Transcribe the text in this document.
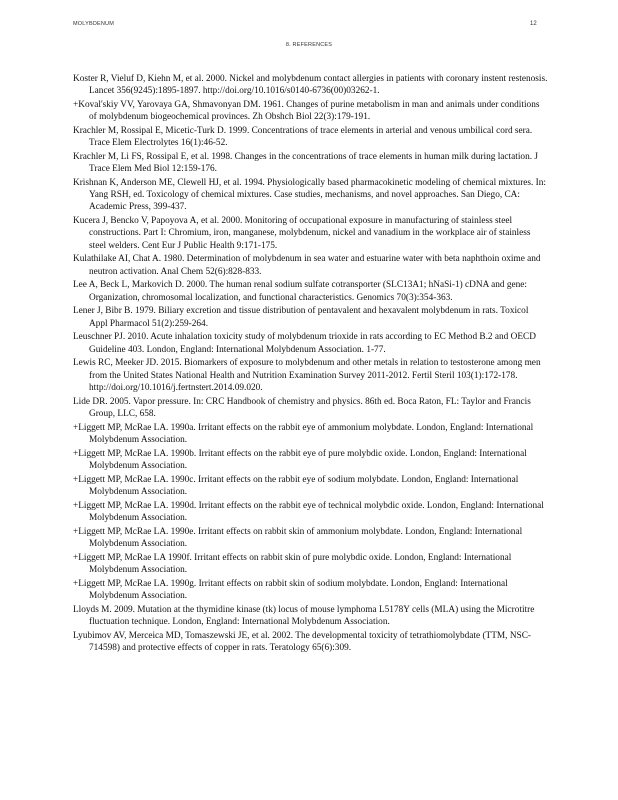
MOLYBDENUM	12
8. REFERENCES

Koster R, Vieluf D, Kiehn M, et al. 2000. Nickel and molybdenum contact allergies in patients with coronary instent restenosis. Lancet 356(9245):1895-1897. http://doi.org/10.1016/s0140-6736(00)03262-1.

+Koval'skiy VV, Yarovaya GA, Shmavonyan DM. 1961. Changes of purine metabolism in man and animals under conditions of molybdenum biogeochemical provinces. Zh Obshch Biol 22(3):179-191.

Krachler M, Rossipal E, Micetic-Turk D. 1999. Concentrations of trace elements in arterial and venous umbilical cord sera. Trace Elem Electrolytes 16(1):46-52.

Krachler M, Li FS, Rossipal E, et al. 1998. Changes in the concentrations of trace elements in human milk during lactation. J Trace Elem Med Biol 12:159-176.

Krishnan K, Anderson ME, Clewell HJ, et al. 1994. Physiologically based pharmacokinetic modeling of chemical mixtures. In: Yang RSH, ed. Toxicology of chemical mixtures. Case studies, mechanisms, and novel approaches. San Diego, CA: Academic Press, 399-437.

Kucera J, Bencko V, Papoyova A, et al. 2000. Monitoring of occupational exposure in manufacturing of stainless steel constructions. Part I: Chromium, iron, manganese, molybdenum, nickel and vanadium in the workplace air of stainless steel welders. Cent Eur J Public Health 9:171-175.

Kulathilake AI, Chat A. 1980. Determination of molybdenum in sea water and estuarine water with beta naphthoin oxime and neutron activation. Anal Chem 52(6):828-833.

Lee A, Beck L, Markovich D. 2000. The human renal sodium sulfate cotransporter (SLC13A1; hNaSi-1) cDNA and gene: Organization, chromosomal localization, and functional characteristics. Genomics 70(3):354-363.

Lener J, Bibr B. 1979. Biliary excretion and tissue distribution of pentavalent and hexavalent molybdenum in rats. Toxicol Appl Pharmacol 51(2):259-264.

Leuschner PJ. 2010. Acute inhalation toxicity study of molybdenum trioxide in rats according to EC Method B.2 and OECD Guideline 403. London, England: International Molybdenum Association. 1-77.

Lewis RC, Meeker JD. 2015. Biomarkers of exposure to molybdenum and other metals in relation to testosterone among men from the United States National Health and Nutrition Examination Survey 2011-2012. Fertil Steril 103(1):172-178. http://doi.org/10.1016/j.fertnstert.2014.09.020.

Lide DR. 2005. Vapor pressure. In: CRC Handbook of chemistry and physics. 86th ed. Boca Raton, FL: Taylor and Francis Group, LLC, 658.

+Liggett MP, McRae LA. 1990a. Irritant effects on the rabbit eye of ammonium molybdate. London, England: International Molybdenum Association.

+Liggett MP, McRae LA. 1990b. Irritant effects on the rabbit eye of pure molybdic oxide. London, England: International Molybdenum Association.

+Liggett MP, McRae LA. 1990c. Irritant effects on the rabbit eye of sodium molybdate. London, England: International Molybdenum Association.

+Liggett MP, McRae LA. 1990d. Irritant effects on the rabbit eye of technical molybdic oxide. London, England: International Molybdenum Association.

+Liggett MP, McRae LA. 1990e. Irritant effects on rabbit skin of ammonium molybdate. London, England: International Molybdenum Association.

+Liggett MP, McRae LA 1990f. Irritant effects on rabbit skin of pure molybdic oxide. London, England: International Molybdenum Association.

+Liggett MP, McRae LA. 1990g. Irritant effects on rabbit skin of sodium molybdate. London, England: International Molybdenum Association.

Lloyds M. 2009. Mutation at the thymidine kinase (tk) locus of mouse lymphoma L5178Y cells (MLA) using the Microtitre fluctuation technique. London, England: International Molybdenum Association.

Lyubimov AV, Merceica MD, Tomaszewski JE, et al. 2002. The developmental toxicity of tetrathiomolybdate (TTM, NSC-714598) and protective effects of copper in rats. Teratology 65(6):309.
